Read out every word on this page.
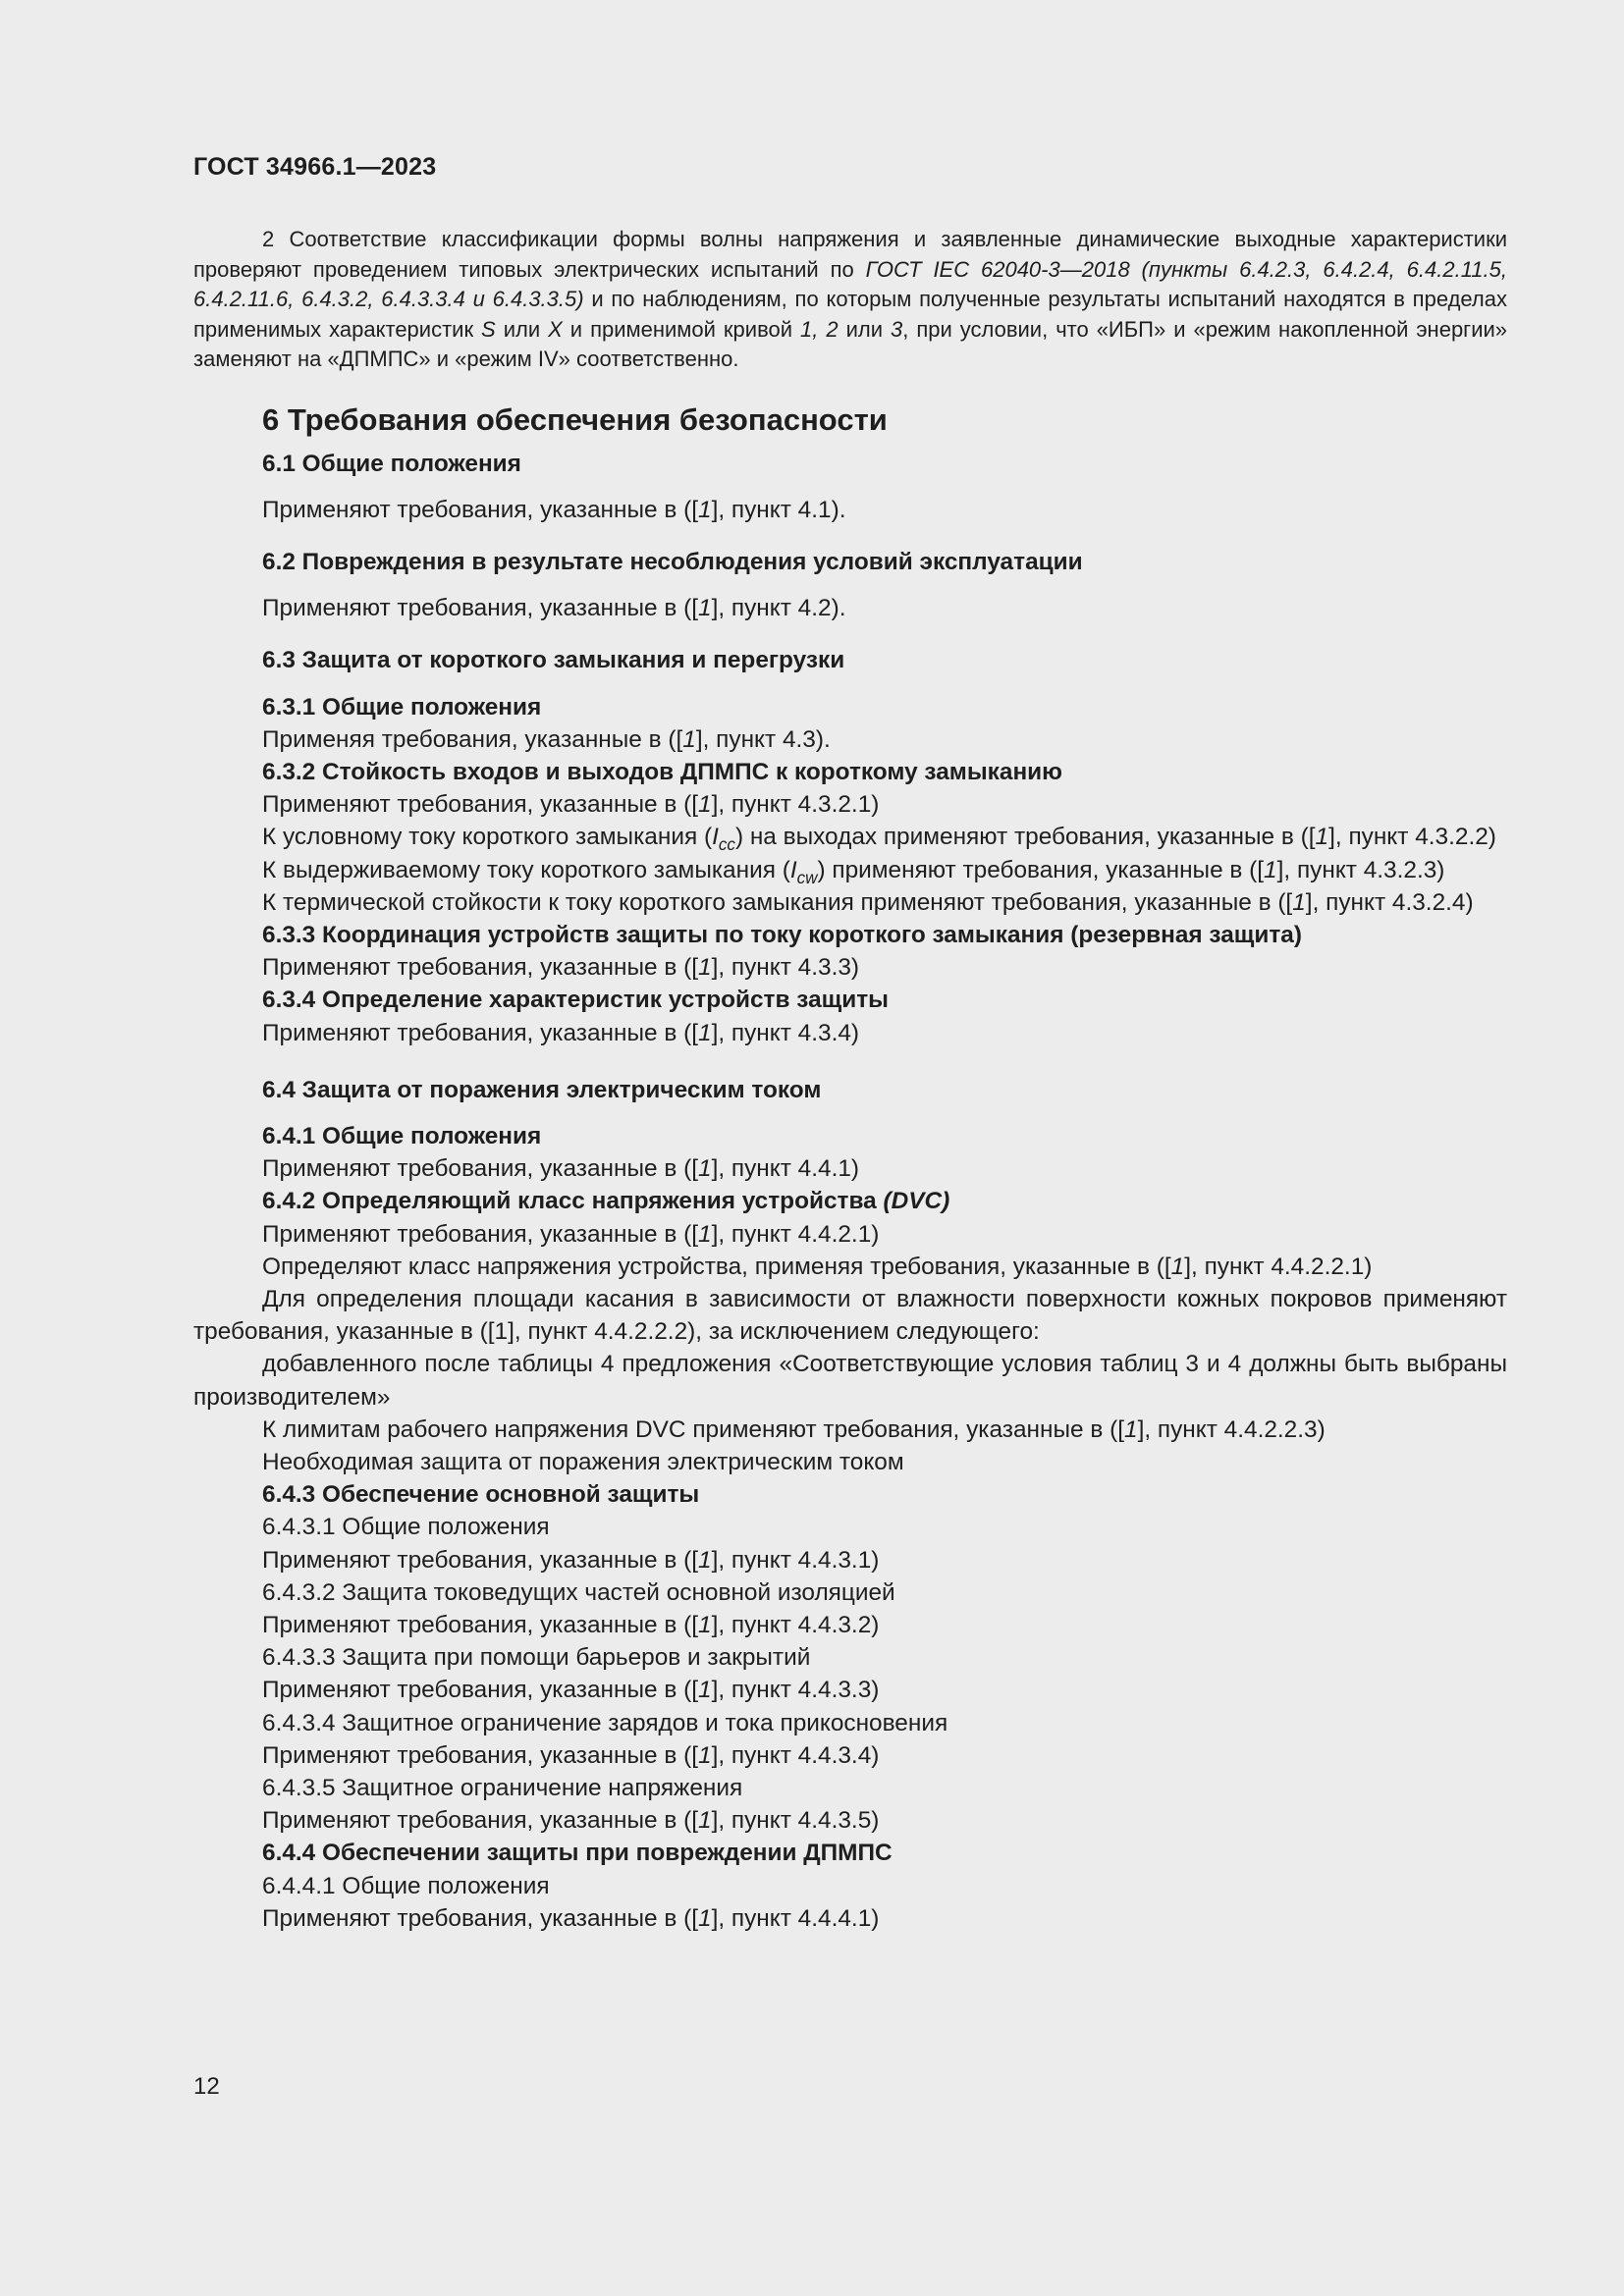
ГОСТ 34966.1—2023

2 Соответствие классификации формы волны напряжения и заявленные динамические выходные характеристики проверяют проведением типовых электрических испытаний по ГОСТ IEC 62040-3—2018 (пункты 6.4.2.3, 6.4.2.4, 6.4.2.11.5, 6.4.2.11.6, 6.4.3.2, 6.4.3.3.4 и 6.4.3.3.5) и по наблюдениям, по которым полученные результаты испытаний находятся в пределах применимых характеристик S или X и применимой кривой 1, 2 или 3, при условии, что «ИБП» и «режим накопленной энергии» заменяют на «ДПМПС» и «режим IV» соответственно.

6 Требования обеспечения безопасности

6.1 Общие положения

Применяют требования, указанные в ([1], пункт 4.1).

6.2 Повреждения в результате несоблюдения условий эксплуатации

Применяют требования, указанные в ([1], пункт 4.2).

6.3 Защита от короткого замыкания и перегрузки

6.3.1 Общие положения

Применяя требования, указанные в ([1], пункт 4.3).

6.3.2 Стойкость входов и выходов ДПМПС к короткому замыканию

Применяют требования, указанные в ([1], пункт 4.3.2.1)

К условному току короткого замыкания $(I_{cc})$ на выходах применяют требования, указанные в ([1], пункт 4.3.2.2)

К выдерживаемому току короткого замыкания $(I_{cw})$ применяют требования, указанные в ([1], пункт 4.3.2.3)

К термической стойкости к току короткого замыкания применяют требования, указанные в ([1], пункт 4.3.2.4)

6.3.3 Координация устройств защиты по току короткого замыкания (резервная защита)

Применяют требования, указанные в ([1], пункт 4.3.3)

6.3.4 Определение характеристик устройств защиты

Применяют требования, указанные в ([1], пункт 4.3.4)

6.4 Защита от поражения электрическим током

6.4.1 Общие положения

Применяют требования, указанные в ([1], пункт 4.4.1)

6.4.2 Определяющий класс напряжения устройства (DVC)

Применяют требования, указанные в ([1], пункт 4.4.2.1)

Определяют класс напряжения устройства, применяя требования, указанные в ([1], пункт 4.4.2.2.1)

Для определения площади касания в зависимости от влажности поверхности кожных покровов применяют требования, указанные в ([1], пункт 4.4.2.2.2), за исключением следующего:

добавленного после таблицы 4 предложения «Соответствующие условия таблиц 3 и 4 должны быть выбраны производителем»

К лимитам рабочего напряжения DVC применяют требования, указанные в ([1], пункт 4.4.2.2.3)

Необходимая защита от поражения электрическим током

6.4.3 Обеспечение основной защиты

6.4.3.1 Общие положения

Применяют требования, указанные в ([1], пункт 4.4.3.1)

6.4.3.2 Защита токоведущих частей основной изоляцией

Применяют требования, указанные в ([1], пункт 4.4.3.2)

6.4.3.3 Защита при помощи барьеров и закрытий

Применяют требования, указанные в ([1], пункт 4.4.3.3)

6.4.3.4 Защитное ограничение зарядов и тока прикосновения

Применяют требования, указанные в ([1], пункт 4.4.3.4)

6.4.3.5 Защитное ограничение напряжения

Применяют требования, указанные в ([1], пункт 4.4.3.5)

6.4.4 Обеспечении защиты при повреждении ДПМПС

6.4.4.1 Общие положения

Применяют требования, указанные в ([1], пункт 4.4.4.1)

12
